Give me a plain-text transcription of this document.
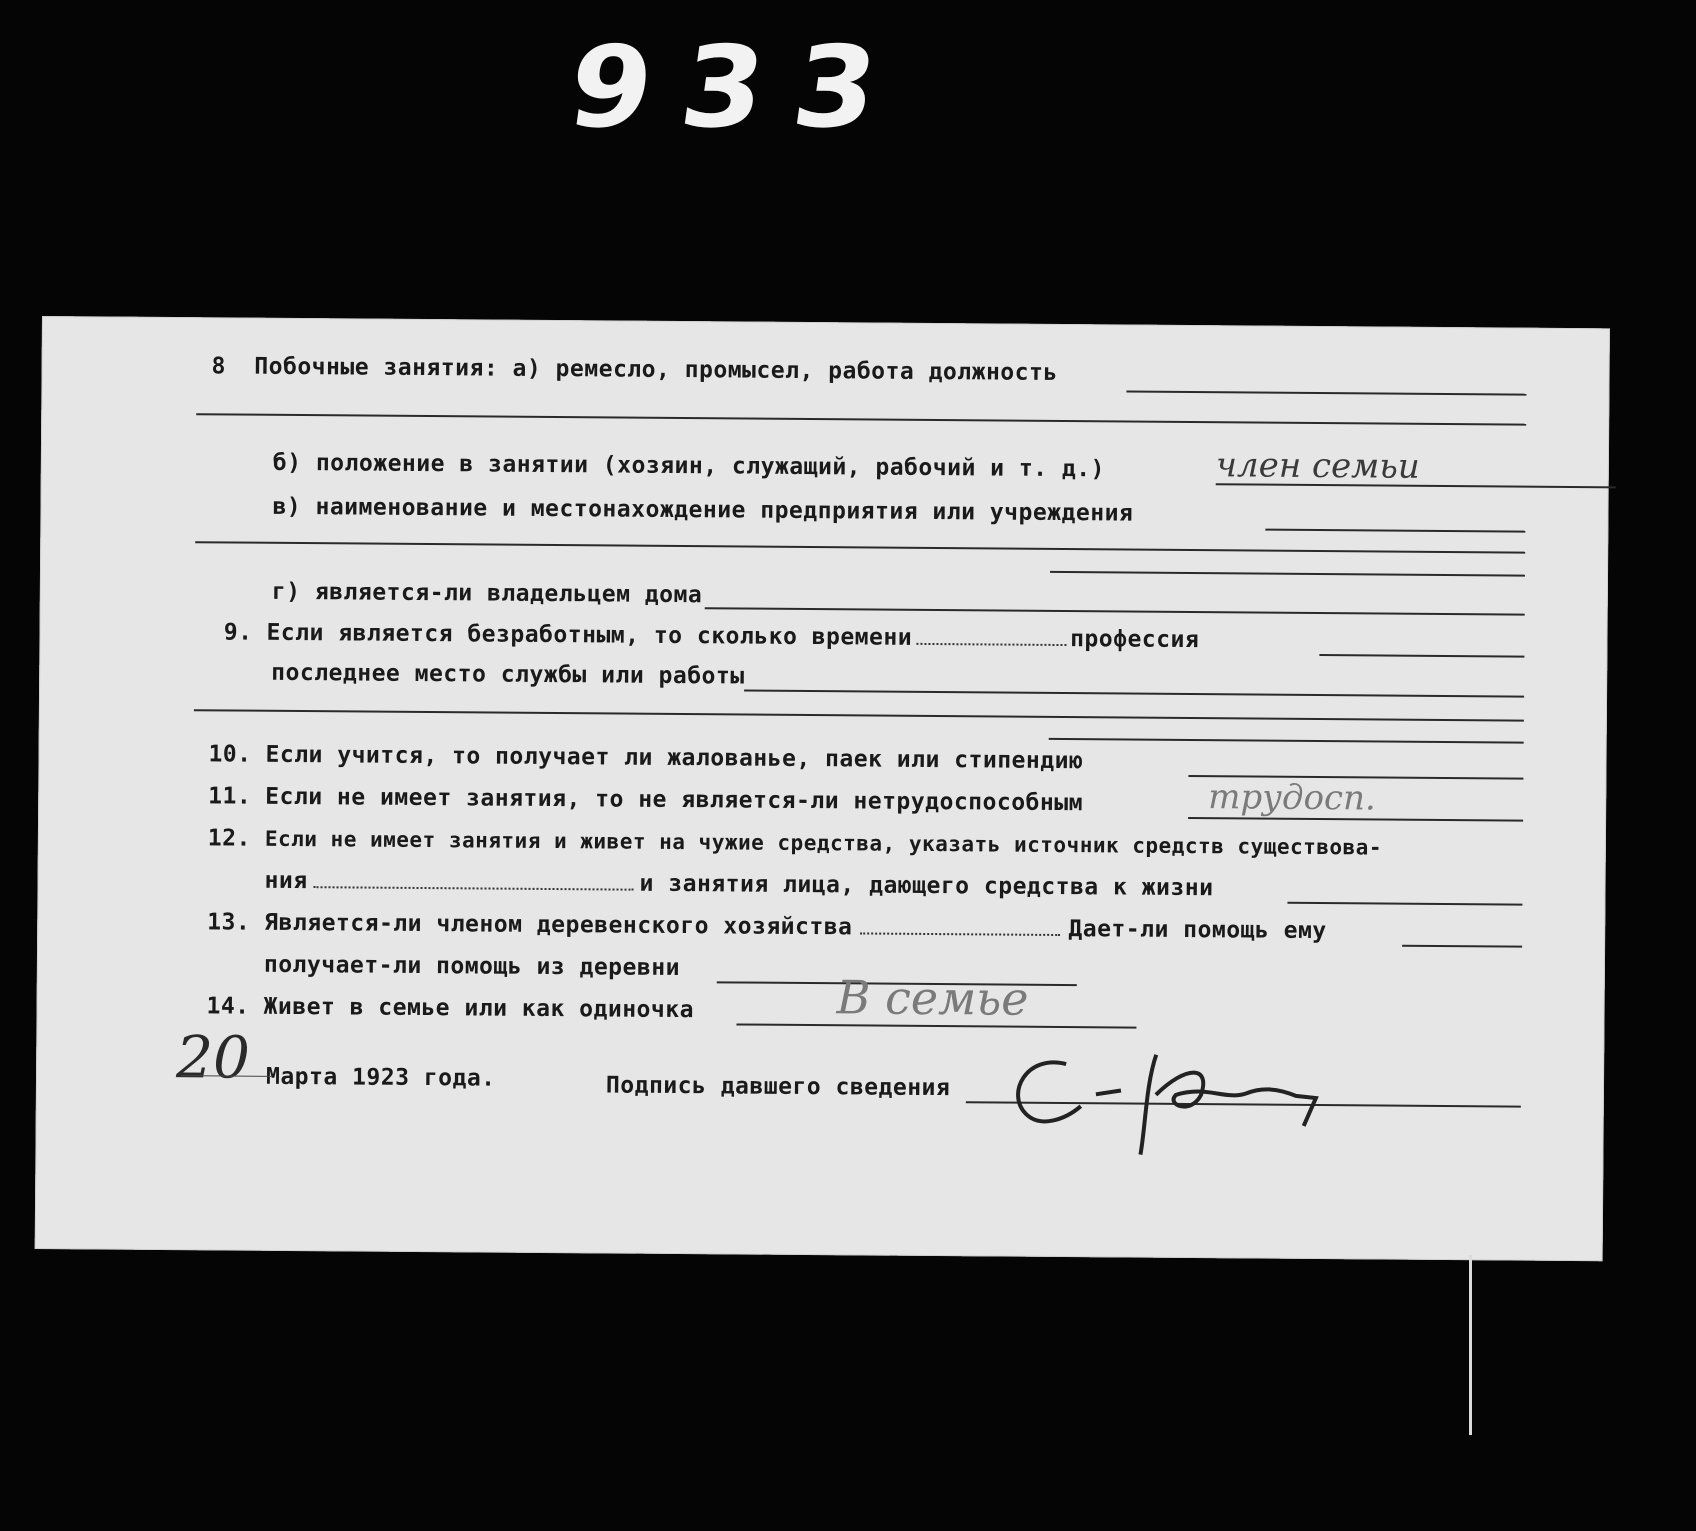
933
8 Побочные занятия: а) ремесло, промысел, работа должность
б) положение в занятии (хозяин, служащий, рабочий и т. д.)	член семьи
в) наименование и местонахождение предприятия или учреждения
г) является-ли владельцем дома
9. Если является безработным, то сколько времени	профессия
последнее место службы или работы
10. Если учится, то получает ли жалованье, паек или стипендию
11. Если не имеет занятия, то не является-ли нетрудоспособным	трудосп.
12. Если не имеет занятия и живет на чужие средства, указать источник средств существова-
ния	и занятия лица, дающего средства к жизни
13. Является-ли членом деревенского хозяйства	Дает-ли помощь ему
получает-ли помощь из деревни
14. Живет в семье или как одиночка	В семье
20 Марта 1923 года.	Подпись давшего сведения
